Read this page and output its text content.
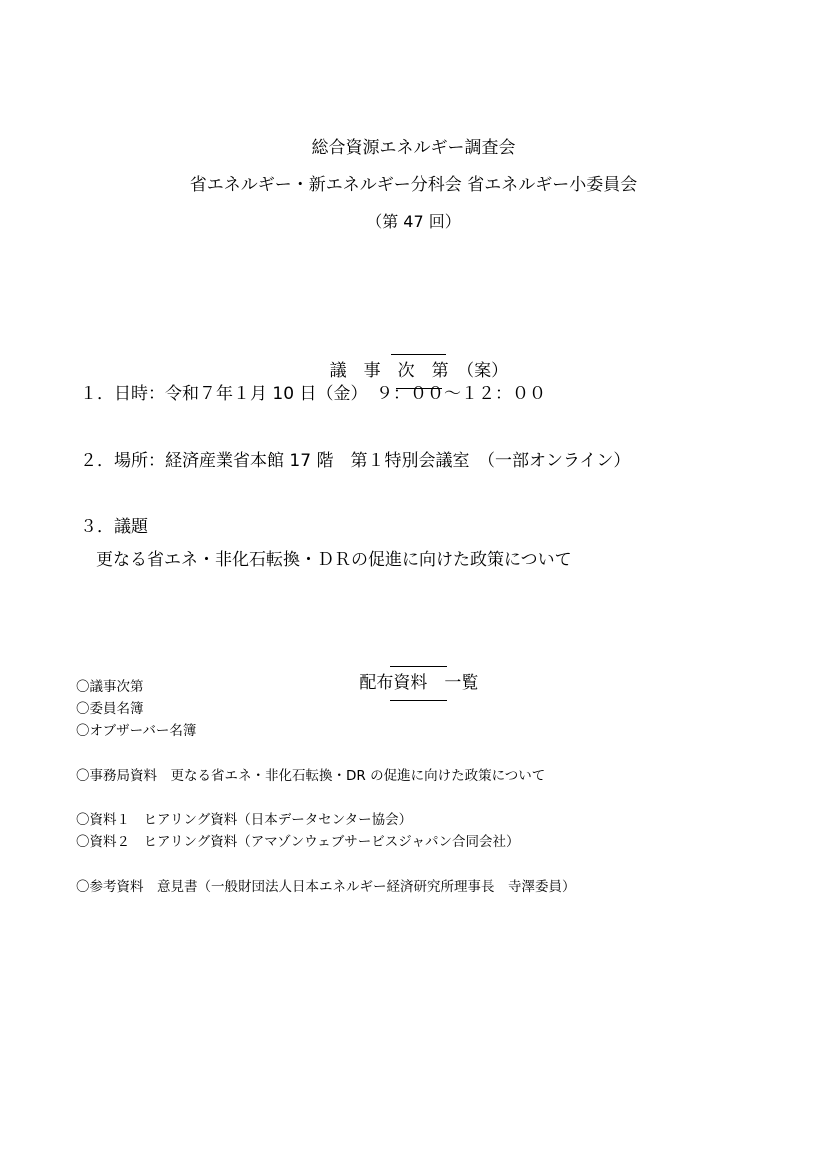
総合資源エネルギー調査会
省エネルギー・新エネルギー分科会 省エネルギー小委員会
（第 47 回）

議　事　次　第　（案）

１．日時：令和７年１月 10 日（金）　９：００～１２：００
２．場所：経済産業省本館 17 階　第１特別会議室　（一部オンライン）
３．議題
更なる省エネ・非化石転換・ＤＲの促進に向けた政策について

配布資料　一覧

〇議事次第
〇委員名簿
〇オブザーバー名簿
〇事務局資料　更なる省エネ・非化石転換・DR の促進に向けた政策について
〇資料１　ヒアリング資料（日本データセンター協会）
〇資料２　ヒアリング資料（アマゾンウェブサービスジャパン合同会社）
〇参考資料　意見書（一般財団法人日本エネルギー経済研究所理事長　寺澤委員）
